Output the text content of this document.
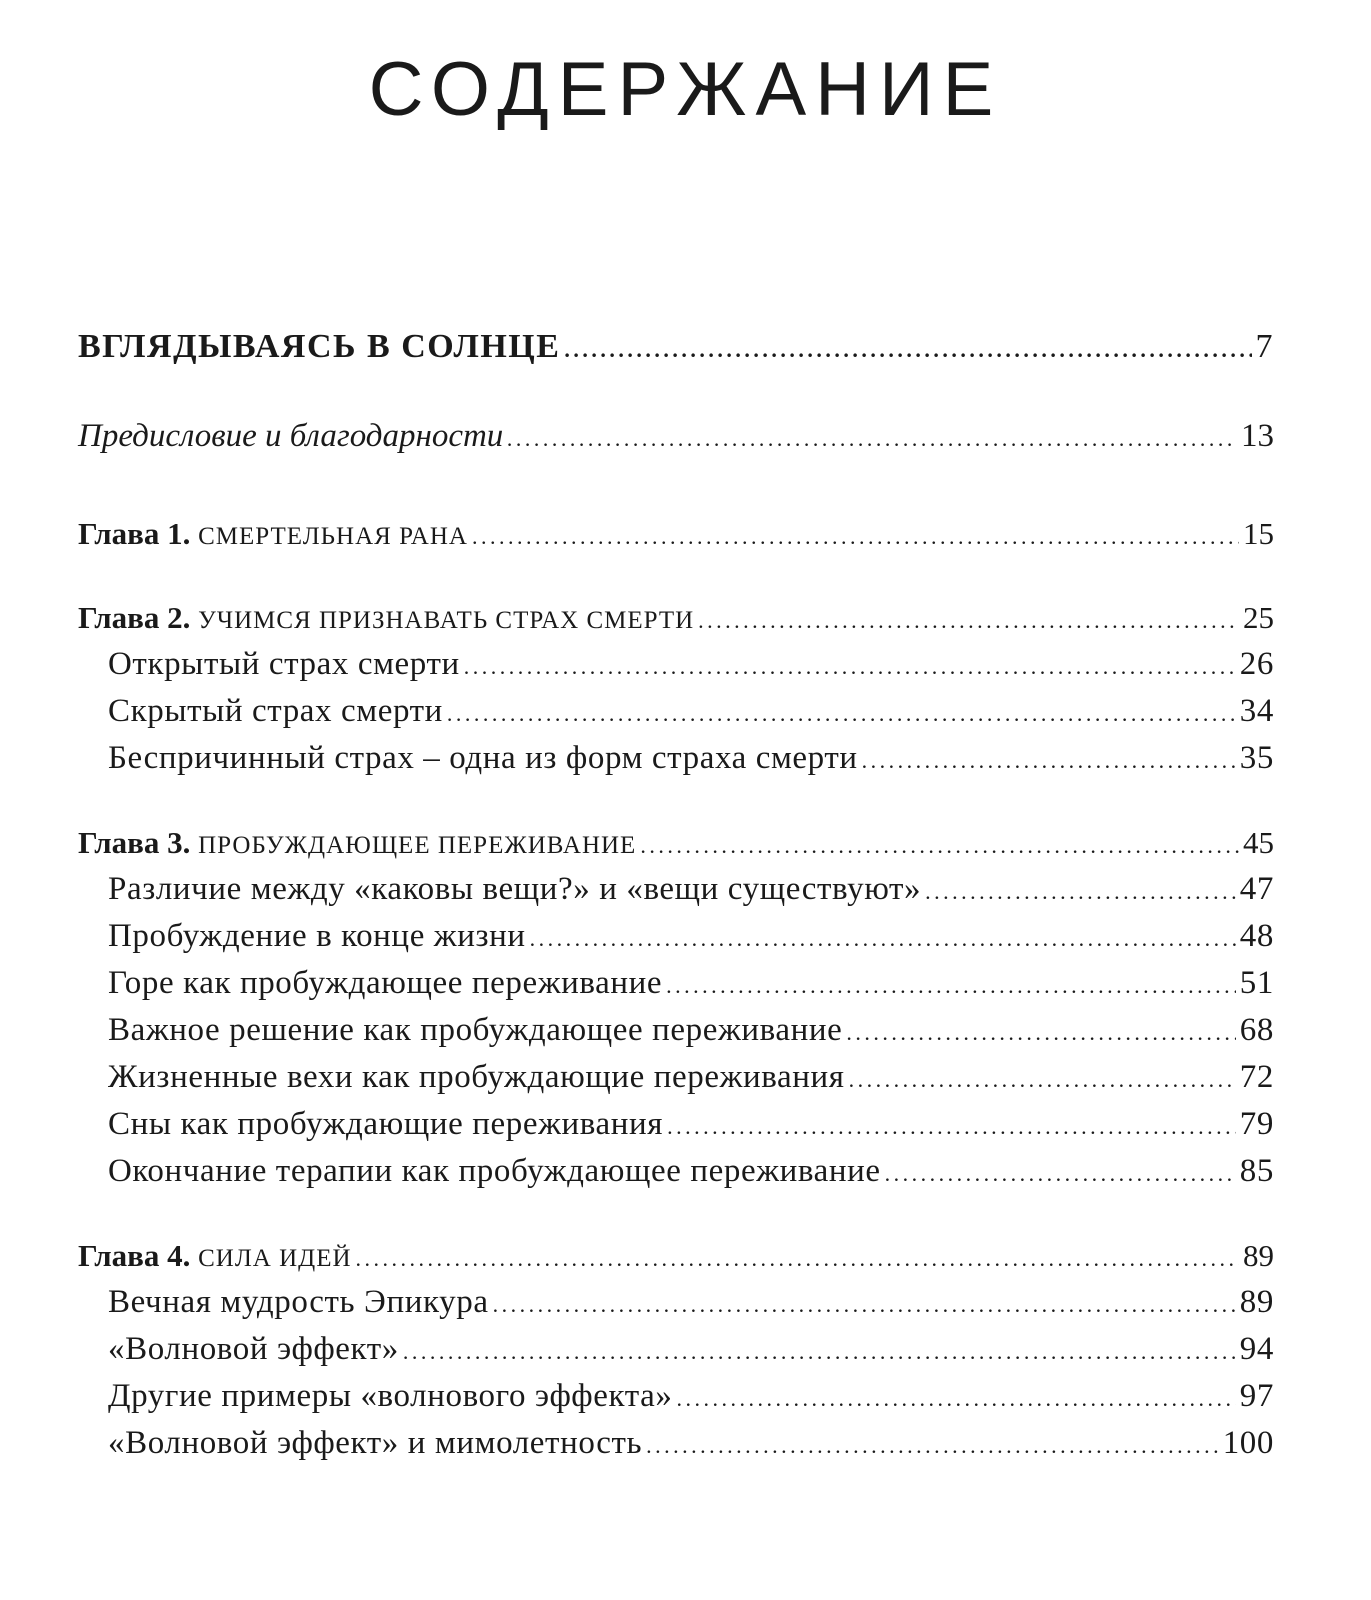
СОДЕРЖАНИЕ
ВГЛЯДЫВАЯСЬ В СОЛНЦЕ . . .	7
Предисловие и благодарности . . .	13
Глава 1. СМЕРТЕЛЬНАЯ РАНА . . .	15
Глава 2. УЧИМСЯ ПРИЗНАВАТЬ СТРАХ СМЕРТИ . . .	25
Открытый страх смерти . . .	26
Скрытый страх смерти . . .	34
Беспричинный страх – одна из форм страха смерти . . .	35
Глава 3. ПРОБУЖДАЮЩЕЕ ПЕРЕЖИВАНИЕ . . .	45
Различие между «каковы вещи?» и «вещи существуют» . . .	47
Пробуждение в конце жизни . . .	48
Горе как пробуждающее переживание . . .	51
Важное решение как пробуждающее переживание . . .	68
Жизненные вехи как пробуждающие переживания . . .	72
Сны как пробуждающие переживания . . .	79
Окончание терапии как пробуждающее переживание . . .	85
Глава 4. СИЛА ИДЕЙ . . .	89
Вечная мудрость Эпикура . . .	89
«Волновой эффект» . . .	94
Другие примеры «волнового эффекта» . . .	97
«Волновой эффект» и мимолетность . . .	100
